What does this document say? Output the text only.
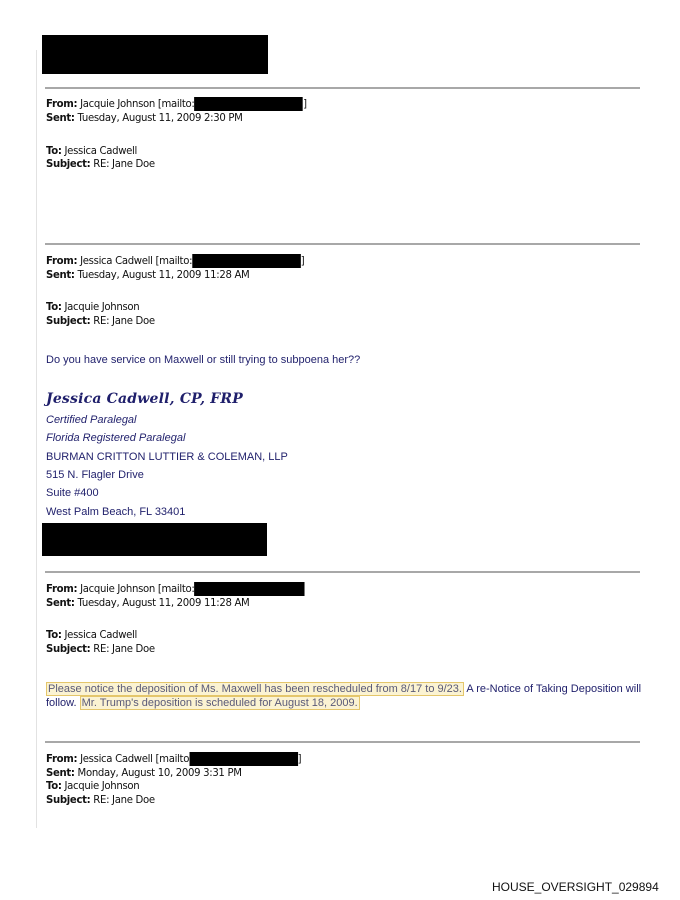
From: Jacquie Johnson [mailto:	]
Sent: Tuesday, August 11, 2009 2:30 PM
To: Jessica Cadwell
Subject: RE: Jane Doe
From: Jessica Cadwell [mailto:	]
Sent: Tuesday, August 11, 2009 11:28 AM
To: Jacquie Johnson
Subject: RE: Jane Doe
Do you have service on Maxwell or still trying to subpoena her??
Jessica Cadwell, CP, FRP
Certified Paralegal
Florida Registered Paralegal
BURMAN CRITTON LUTTIER & COLEMAN, LLP
515 N. Flagler Drive
Suite #400
West Palm Beach, FL 33401
From: Jacquie Johnson [mailto:
Sent: Tuesday, August 11, 2009 11:28 AM
To: Jessica Cadwell
Subject: RE: Jane Doe
Please notice the deposition of Ms. Maxwell has been rescheduled from 8/17 to 9/23. A re-Notice of Taking Deposition will follow. Mr. Trump's deposition is scheduled for August 18, 2009.
From: Jessica Cadwell [mailto	]
Sent: Monday, August 10, 2009 3:31 PM
To: Jacquie Johnson
Subject: RE: Jane Doe
HOUSE_OVERSIGHT_029894
